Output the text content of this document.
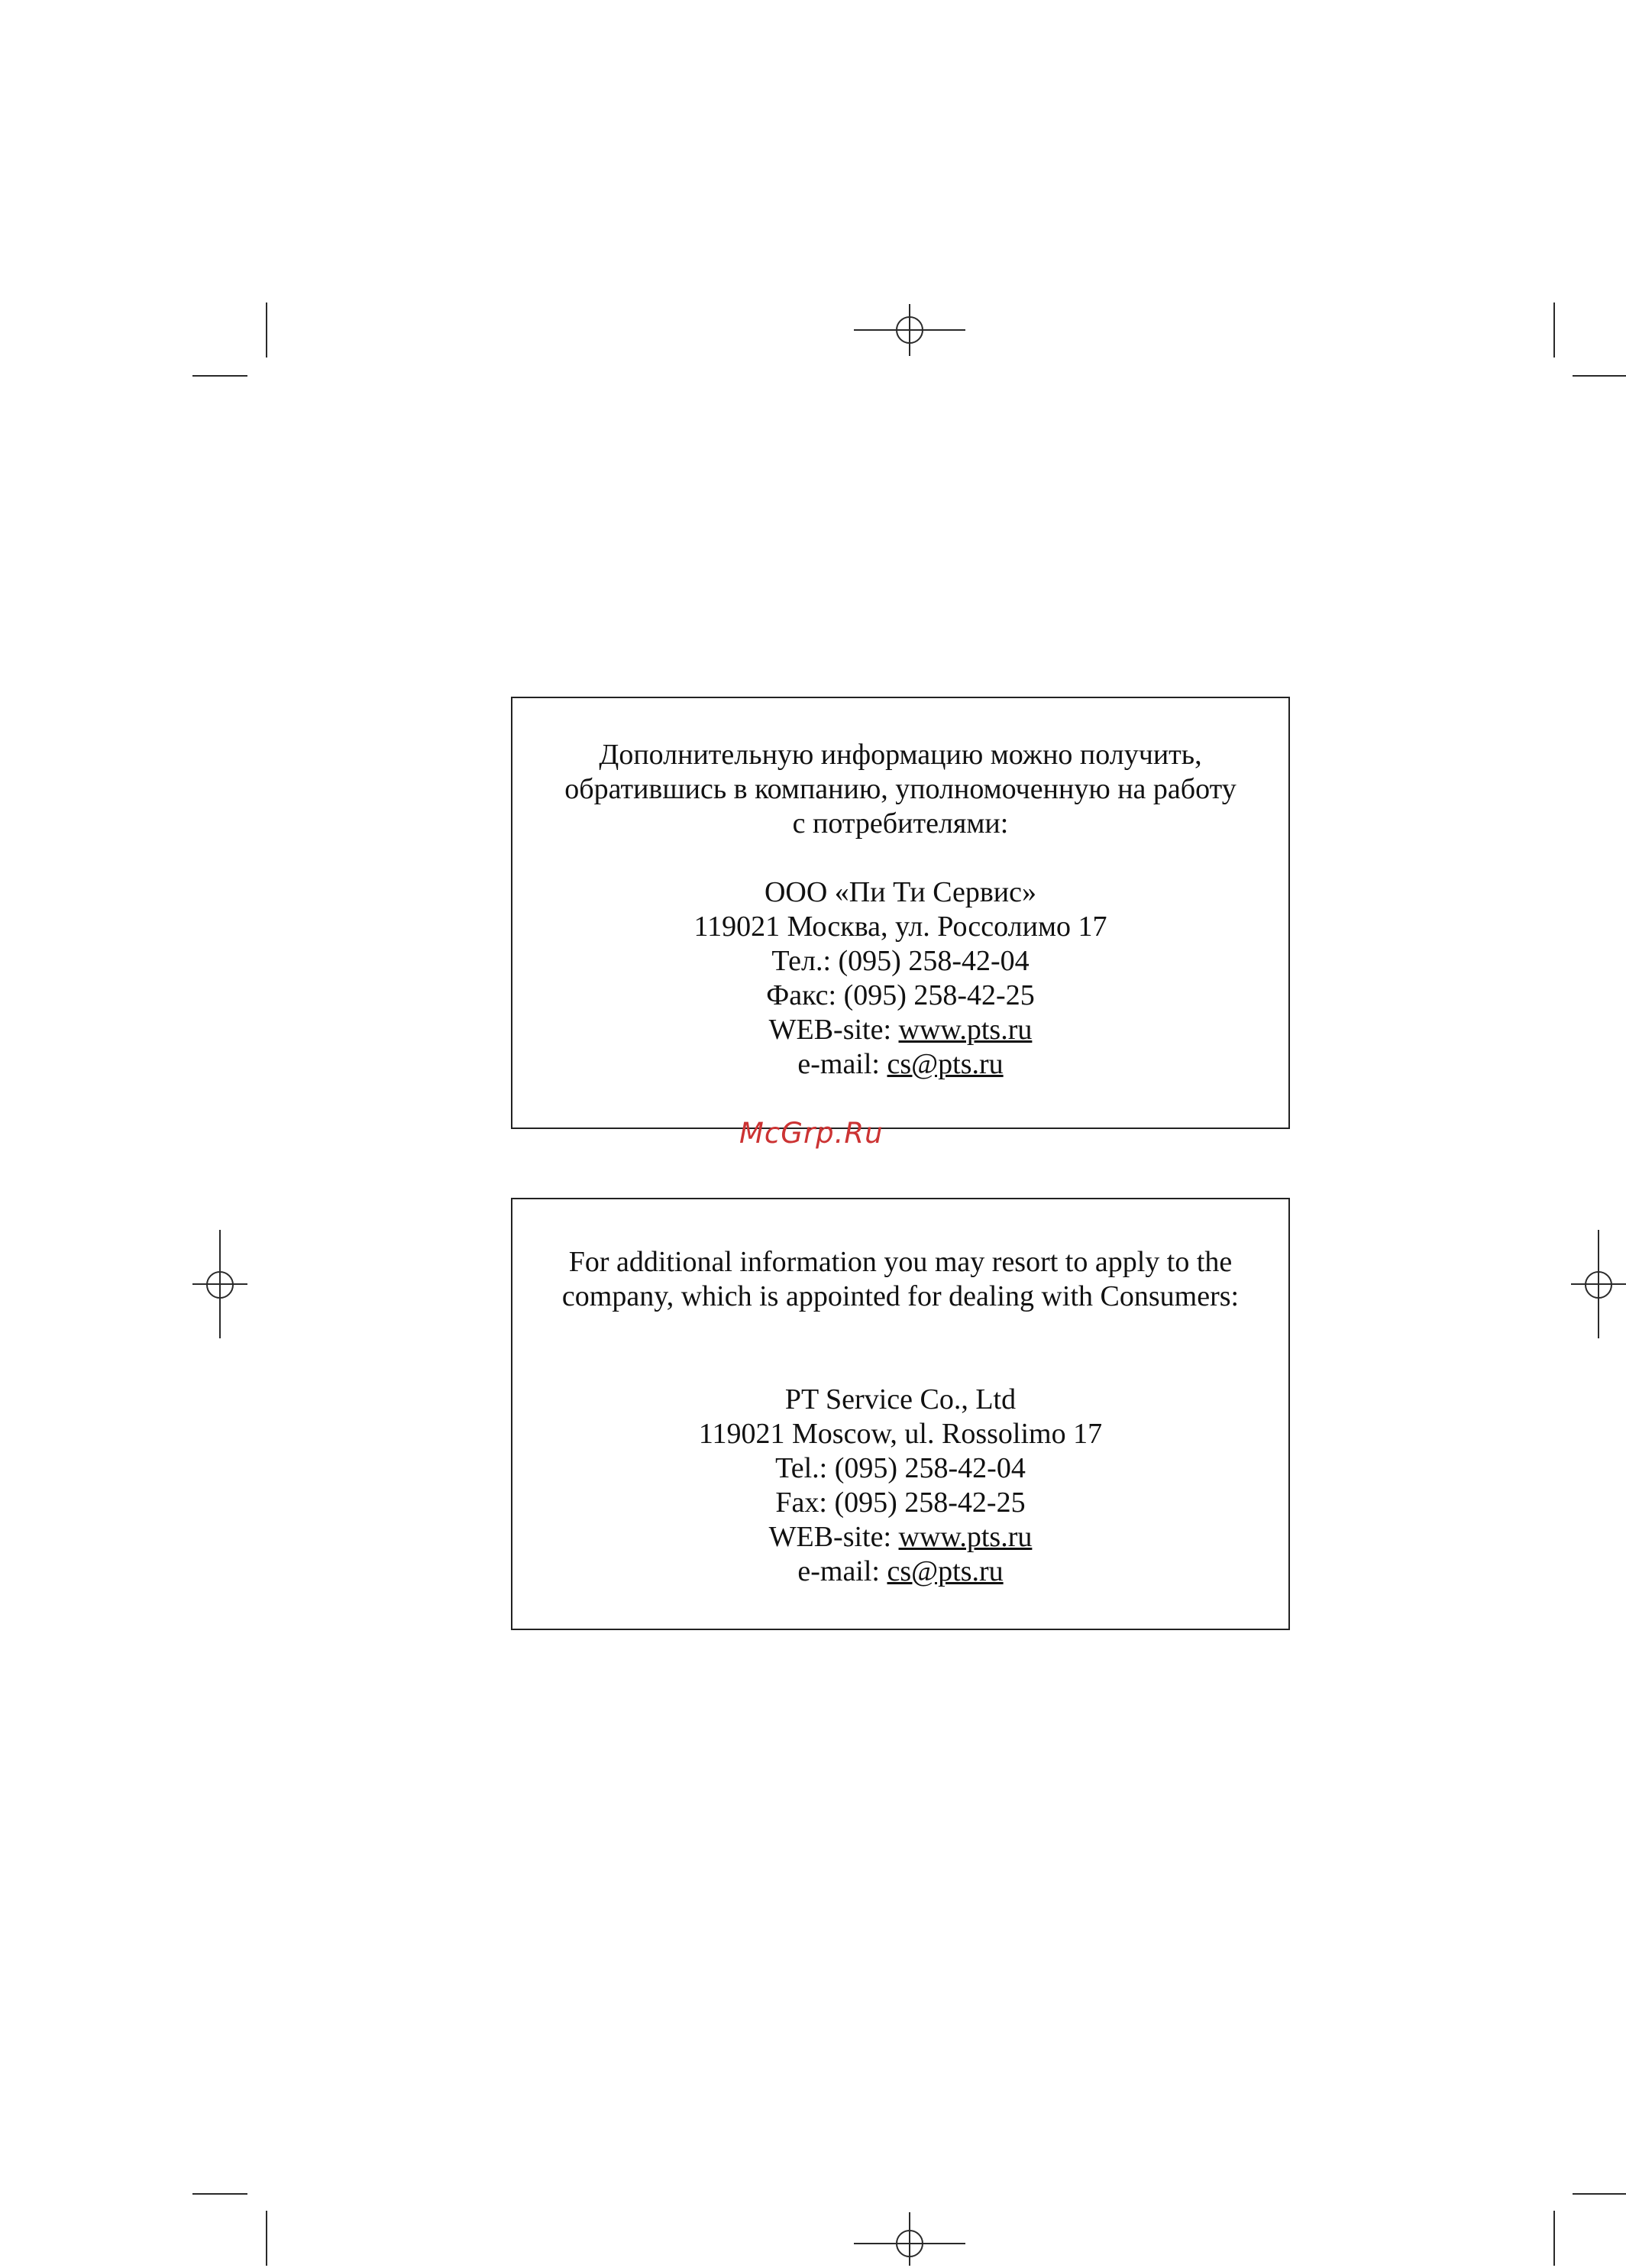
Дополнительную информацию можно получить,
обратившись в компанию, уполномоченную на работу
с потребителями:
ООО «Пи Ти Сервис»
119021 Москва, ул. Россолимо 17
Тел.: (095) 258-42-04
Факс: (095) 258-42-25
WEB-site: www.pts.ru
e-mail: cs@pts.ru
McGrp.Ru
For additional information you may resort to apply to the
company, which is appointed for dealing with Consumers:
PT Service Co., Ltd
119021 Moscow, ul. Rossolimo 17
Tel.: (095) 258-42-04
Fax: (095) 258-42-25
WEB-site: www.pts.ru
e-mail: cs@pts.ru
